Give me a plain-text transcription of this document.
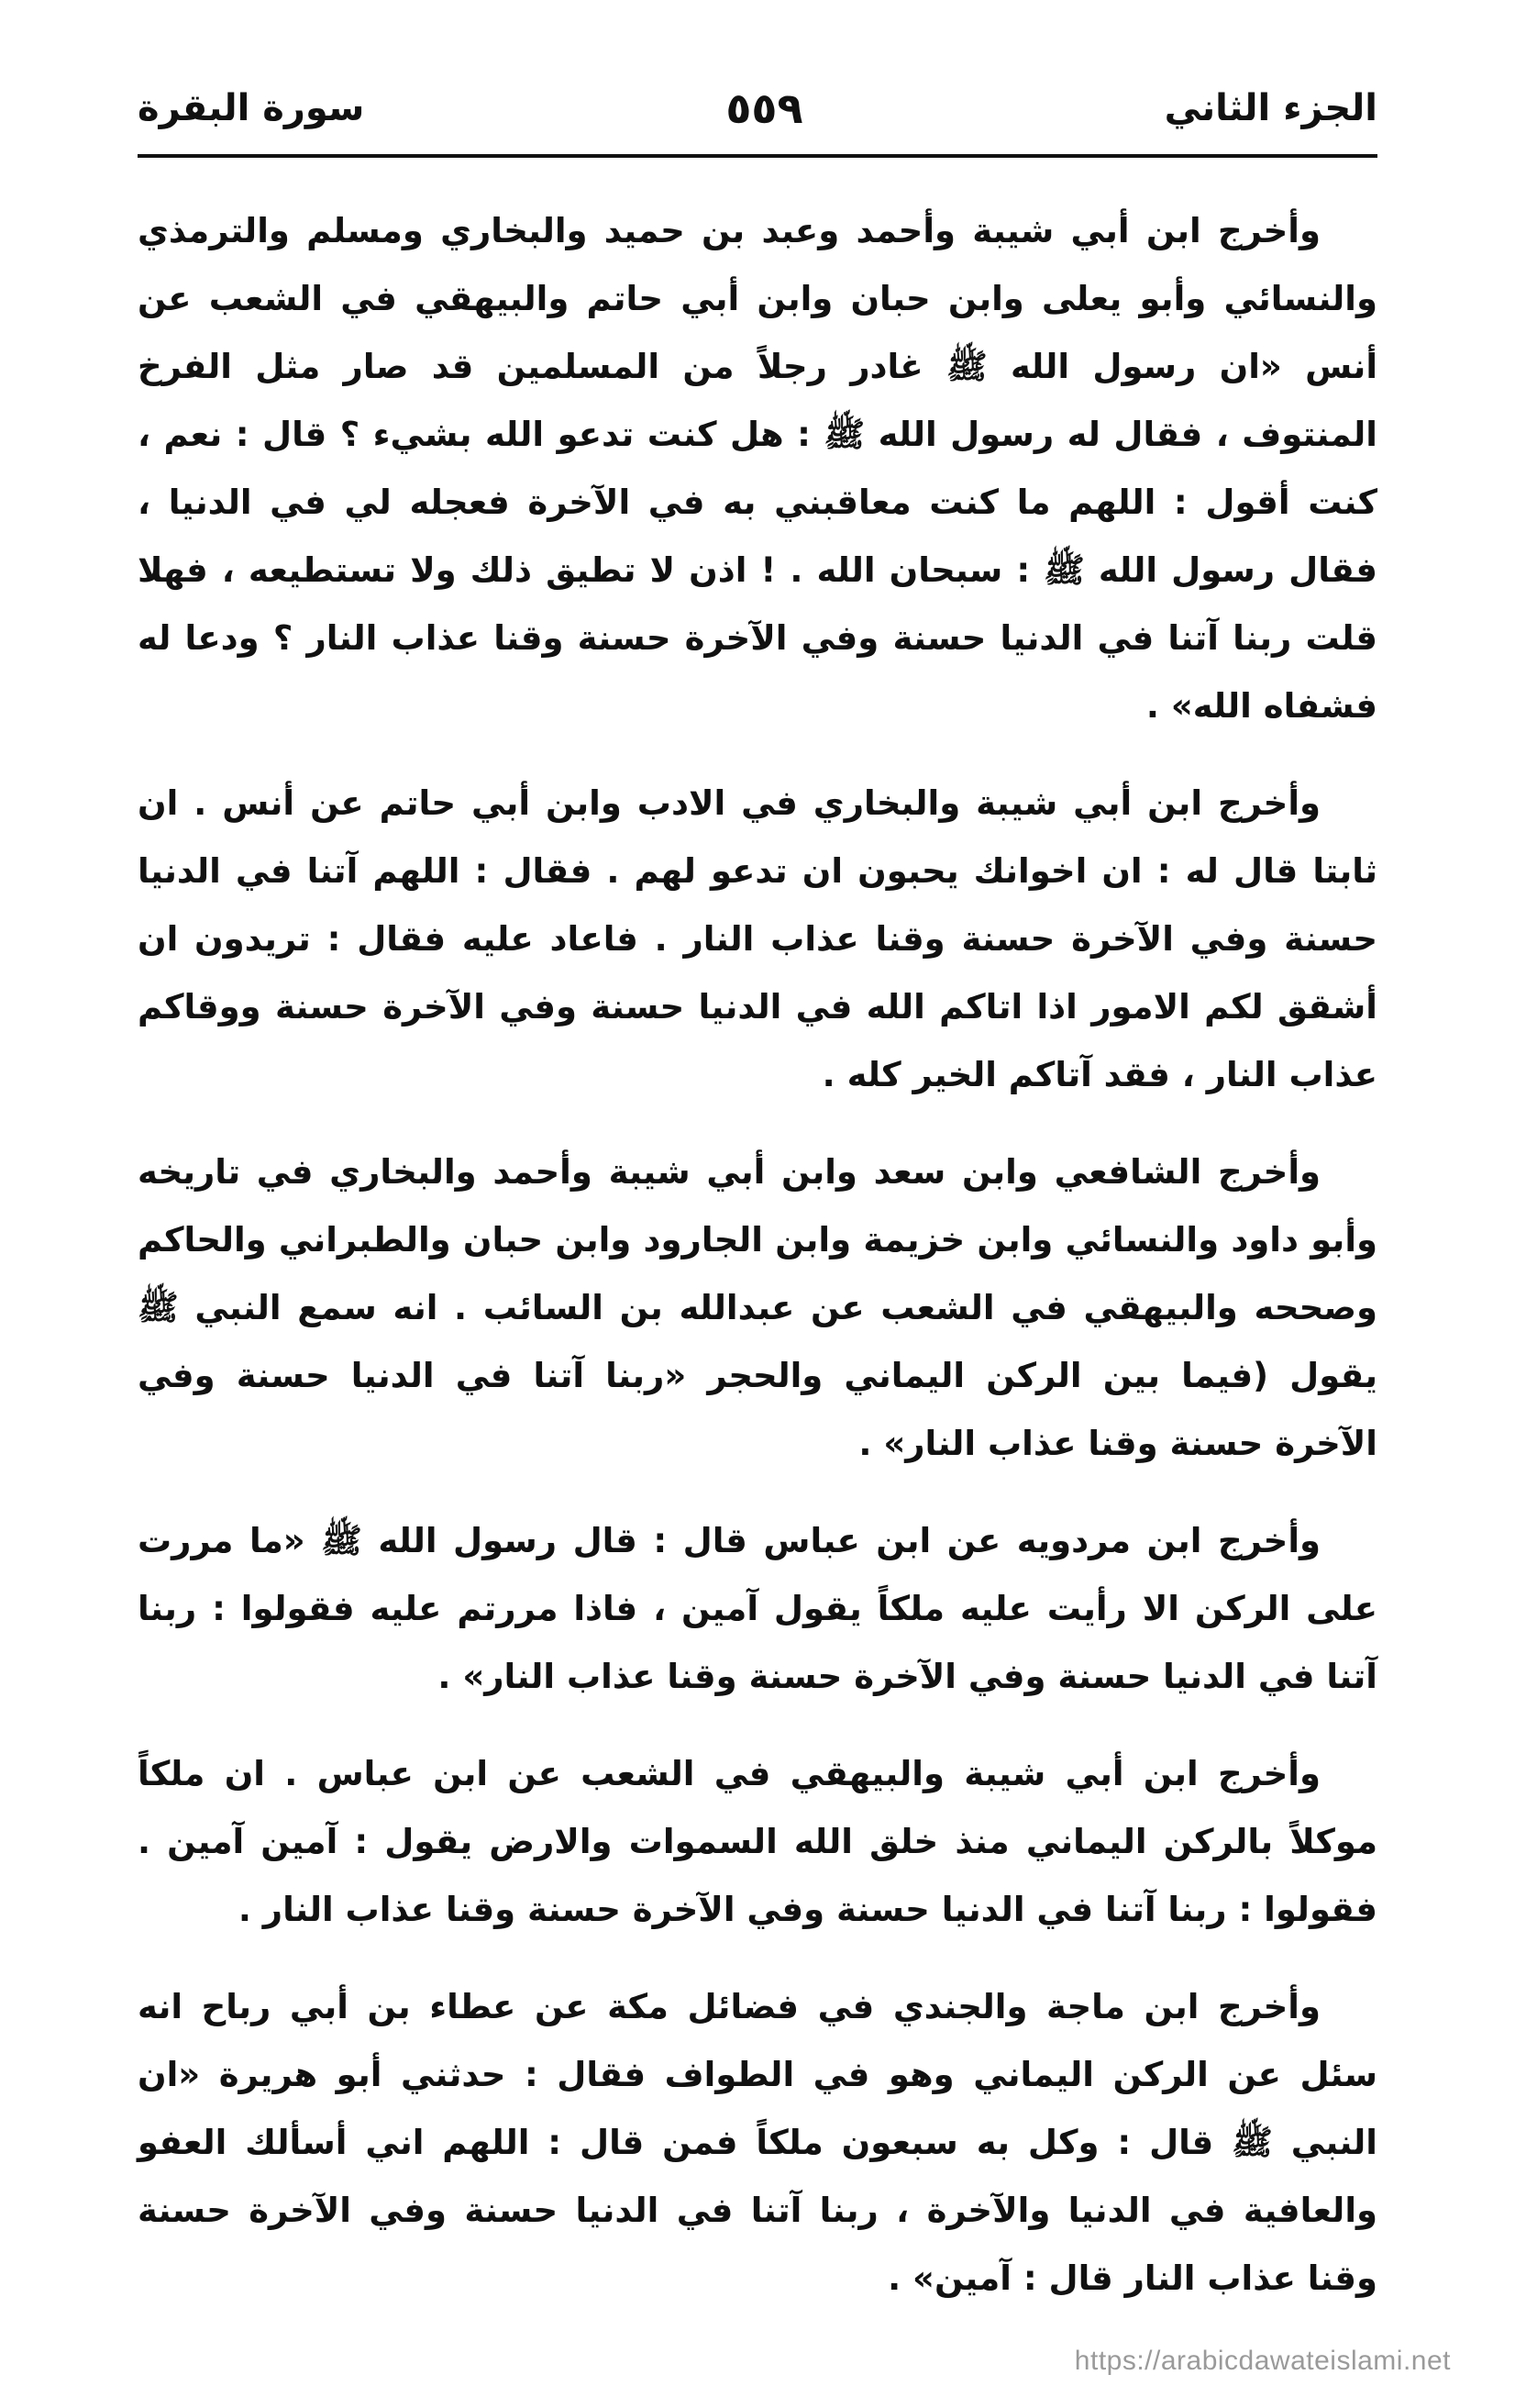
الجزء الثاني
٥٥٩
سورة البقرة

وأخرج ابن أبي شيبة وأحمد وعبد بن حميد والبخاري ومسلم والترمذي والنسائي وأبو يعلى وابن حبان وابن أبي حاتم والبيهقي في الشعب عن أنس «ان رسول الله ﷺ غادر رجلاً من المسلمين قد صار مثل الفرخ المنتوف ، فقال له رسول الله ﷺ : هل كنت تدعو الله بشيء ؟ قال : نعم ، كنت أقول : اللهم ما كنت معاقبني به في الآخرة فعجله لي في الدنيا ، فقال رسول الله ﷺ : سبحان الله . ! اذن لا تطيق ذلك ولا تستطيعه ، فهلا قلت ربنا آتنا في الدنيا حسنة وفي الآخرة حسنة وقنا عذاب النار ؟ ودعا له فشفاه الله» .

وأخرج ابن أبي شيبة والبخاري في الادب وابن أبي حاتم عن أنس . ان ثابتا قال له : ان اخوانك يحبون ان تدعو لهم . فقال : اللهم آتنا في الدنيا حسنة وفي الآخرة حسنة وقنا عذاب النار . فاعاد عليه فقال : تريدون ان أشقق لكم الامور اذا اتاكم الله في الدنيا حسنة وفي الآخرة حسنة ووقاكم عذاب النار ، فقد آتاكم الخير كله .

وأخرج الشافعي وابن سعد وابن أبي شيبة وأحمد والبخاري في تاريخه وأبو داود والنسائي وابن خزيمة وابن الجارود وابن حبان والطبراني والحاكم وصححه والبيهقي في الشعب عن عبدالله بن السائب . انه سمع النبي ﷺ يقول (فيما بين الركن اليماني والحجر «ربنا آتنا في الدنيا حسنة وفي الآخرة حسنة وقنا عذاب النار» .

وأخرج ابن مردويه عن ابن عباس قال : قال رسول الله ﷺ «ما مررت على الركن الا رأيت عليه ملكاً يقول آمين ، فاذا مررتم عليه فقولوا : ربنا آتنا في الدنيا حسنة وفي الآخرة حسنة وقنا عذاب النار» .

وأخرج ابن أبي شيبة والبيهقي في الشعب عن ابن عباس . ان ملكاً موكلاً بالركن اليماني منذ خلق الله السموات والارض يقول : آمين آمين . فقولوا : ربنا آتنا في الدنيا حسنة وفي الآخرة حسنة وقنا عذاب النار .

وأخرج ابن ماجة والجندي في فضائل مكة عن عطاء بن أبي رباح انه سئل عن الركن اليماني وهو في الطواف فقال : حدثني أبو هريرة «ان النبي ﷺ قال : وكل به سبعون ملكاً فمن قال : اللهم اني أسألك العفو والعافية في الدنيا والآخرة ، ربنا آتنا في الدنيا حسنة وفي الآخرة حسنة وقنا عذاب النار قال : آمين» .

https://arabicdawateislami.net
